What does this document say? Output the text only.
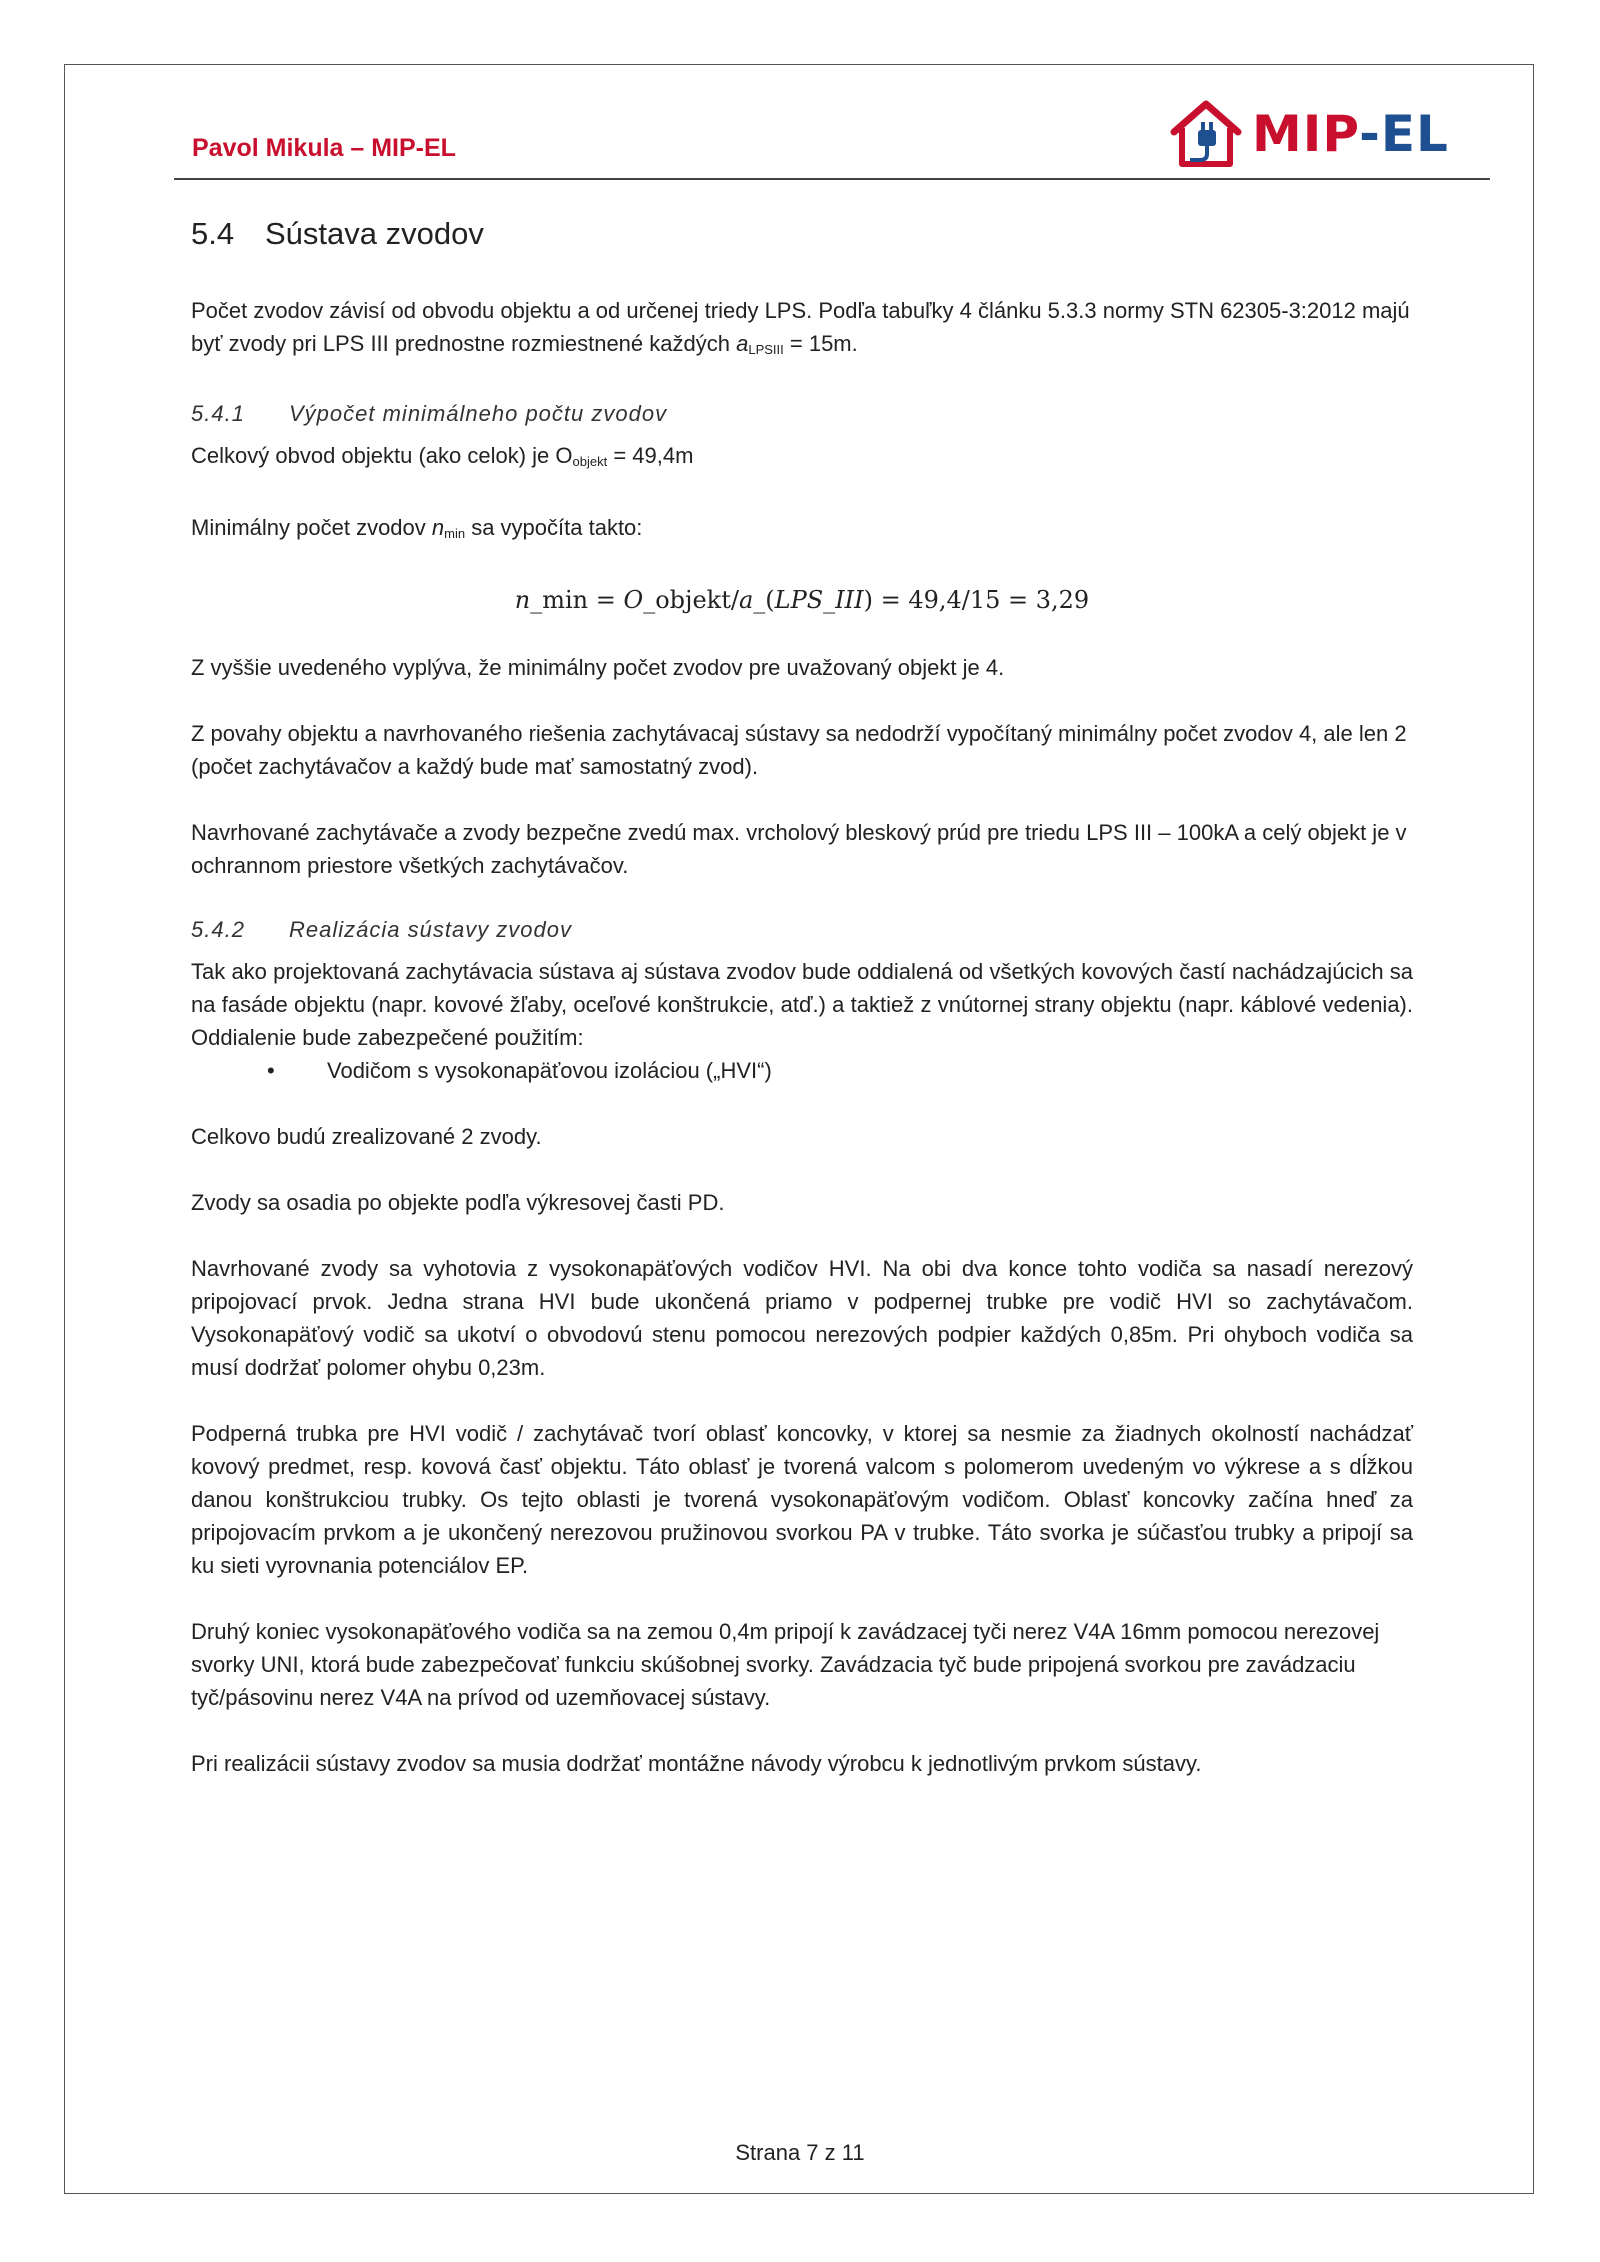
Pavol Mikula – MIP-EL	MIP-EL
5.4 Sústava zvodov

Počet zvodov závisí od obvodu objektu a od určenej triedy LPS. Podľa tabuľky 4 článku 5.3.3 normy STN 62305-3:2012 majú byť zvody pri LPS III prednostne rozmiestnené každých $a_{LPSIII} = 15m$.

5.4.1 Výpočet minimálneho počtu zvodov

Celkový obvod objektu (ako celok) je $O_{objekt} = 49,4m$

Minimálny počet zvodov $n_{min}$ sa vypočíta takto:

n_min = O_objekt/a_(LPS_III) = 49,4/15 = 3,29

Z vyššie uvedeného vyplýva, že minimálny počet zvodov pre uvažovaný objekt je 4.

Z povahy objektu a navrhovaného riešenia zachytávacaj sústavy sa nedodrží vypočítaný minimálny počet zvodov 4, ale len 2 (počet zachytávačov a každý bude mať samostatný zvod).

Navrhované zachytávače a zvody bezpečne zvedú max. vrcholový bleskový prúd pre triedu LPS III – 100kA a celý objekt je v ochrannom priestore všetkých zachytávačov.

5.4.2 Realizácia sústavy zvodov

Tak ako projektovaná zachytávacia sústava aj sústava zvodov bude oddialená od všetkých kovových častí nachádzajúcich sa na fasáde objektu (napr. kovové žľaby, oceľové konštrukcie, atď.) a taktiež z vnútornej strany objektu (napr. káblové vedenia). Oddialenie bude zabezpečené použitím:

• Vodičom s vysokonapäťovou izoláciou („HVI“)

Celkovo budú zrealizované 2 zvody.

Zvody sa osadia po objekte podľa výkresovej časti PD.

Navrhované zvody sa vyhotovia z vysokonapäťových vodičov HVI. Na obi dva konce tohto vodiča sa nasadí nerezový pripojovací prvok. Jedna strana HVI bude ukončená priamo v podpernej trubke pre vodič HVI so zachytávačom. Vysokonapäťový vodič sa ukotví o obvodovú stenu pomocou nerezových podpier každých 0,85m. Pri ohyboch vodiča sa musí dodržať polomer ohybu 0,23m.

Podperná trubka pre HVI vodič / zachytávač tvorí oblasť koncovky, v ktorej sa nesmie za žiadnych okolností nachádzať kovový predmet, resp. kovová časť objektu. Táto oblasť je tvorená valcom s polomerom uvedeným vo výkrese a s dĺžkou danou konštrukciou trubky. Os tejto oblasti je tvorená vysokonapäťovým vodičom. Oblasť koncovky začína hneď za pripojovacím prvkom a je ukončený nerezovou pružinovou svorkou PA v trubke. Táto svorka je súčasťou trubky a pripojí sa ku sieti vyrovnania potenciálov EP.

Druhý koniec vysokonapäťového vodiča sa na zemou 0,4m pripojí k zavádzacej tyči nerez V4A 16mm pomocou nerezovej svorky UNI, ktorá bude zabezpečovať funkciu skúšobnej svorky. Zavádzacia tyč bude pripojená svorkou pre zavádzaciu tyč/pásovinu nerez V4A na prívod od uzemňovacej sústavy.

Pri realizácii sústavy zvodov sa musia dodržať montážne návody výrobcu k jednotlivým prvkom sústavy.

Strana 7 z 11
